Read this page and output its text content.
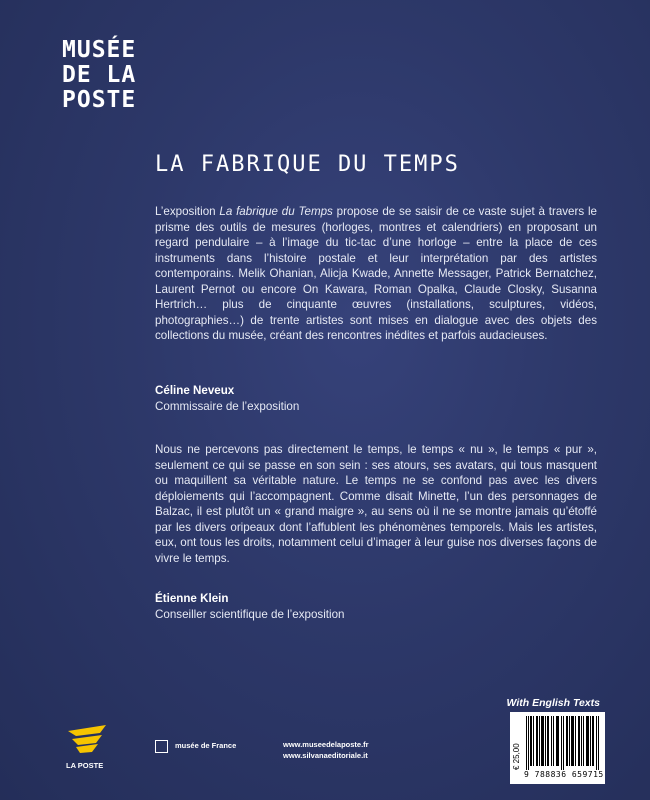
MUSÉE
DE LA
POSTE
LA FABRIQUE DU TEMPS
L’exposition La fabrique du Temps propose de se saisir de ce vaste sujet à travers le prisme des outils de mesures (horloges, montres et calendriers) en proposant un regard pendulaire – à l’image du tic-tac d’une horloge – entre la place de ces instruments dans l’histoire postale et leur interprétation par des artistes contemporains. Melik Ohanian, Alicja Kwade, Annette Messager, Patrick Bernatchez, Laurent Pernot ou encore On Kawara, Roman Opalka, Claude Closky, Susanna Hertrich… plus de cinquante œuvres (installations, sculptures, vidéos, photographies…) de trente artistes sont mises en dialogue avec des objets des collections du musée, créant des rencontres inédites et parfois audacieuses.
Céline Neveux
Commissaire de l’exposition
Nous ne percevons pas directement le temps, le temps « nu », le temps « pur », seulement ce qui se passe en son sein : ses atours, ses avatars, qui tous masquent ou maquillent sa véritable nature. Le temps ne se confond pas avec les divers déploiements qui l’accompagnent. Comme disait Minette, l’un des personnages de Balzac, il est plutôt un « grand maigre », au sens où il ne se montre jamais qu’étoffé par les divers oripeaux dont l’affublent les phénomènes temporels. Mais les artistes, eux, ont tous les droits, notamment celui d’imager à leur guise nos diverses façons de vivre le temps.
Étienne Klein
Conseiller scientifique de l’exposition
With English Texts
€ 25,00
9 788836 659715
LA POSTE
musée de France	www.museedelaposte.fr
www.silvanaeditoriale.it
